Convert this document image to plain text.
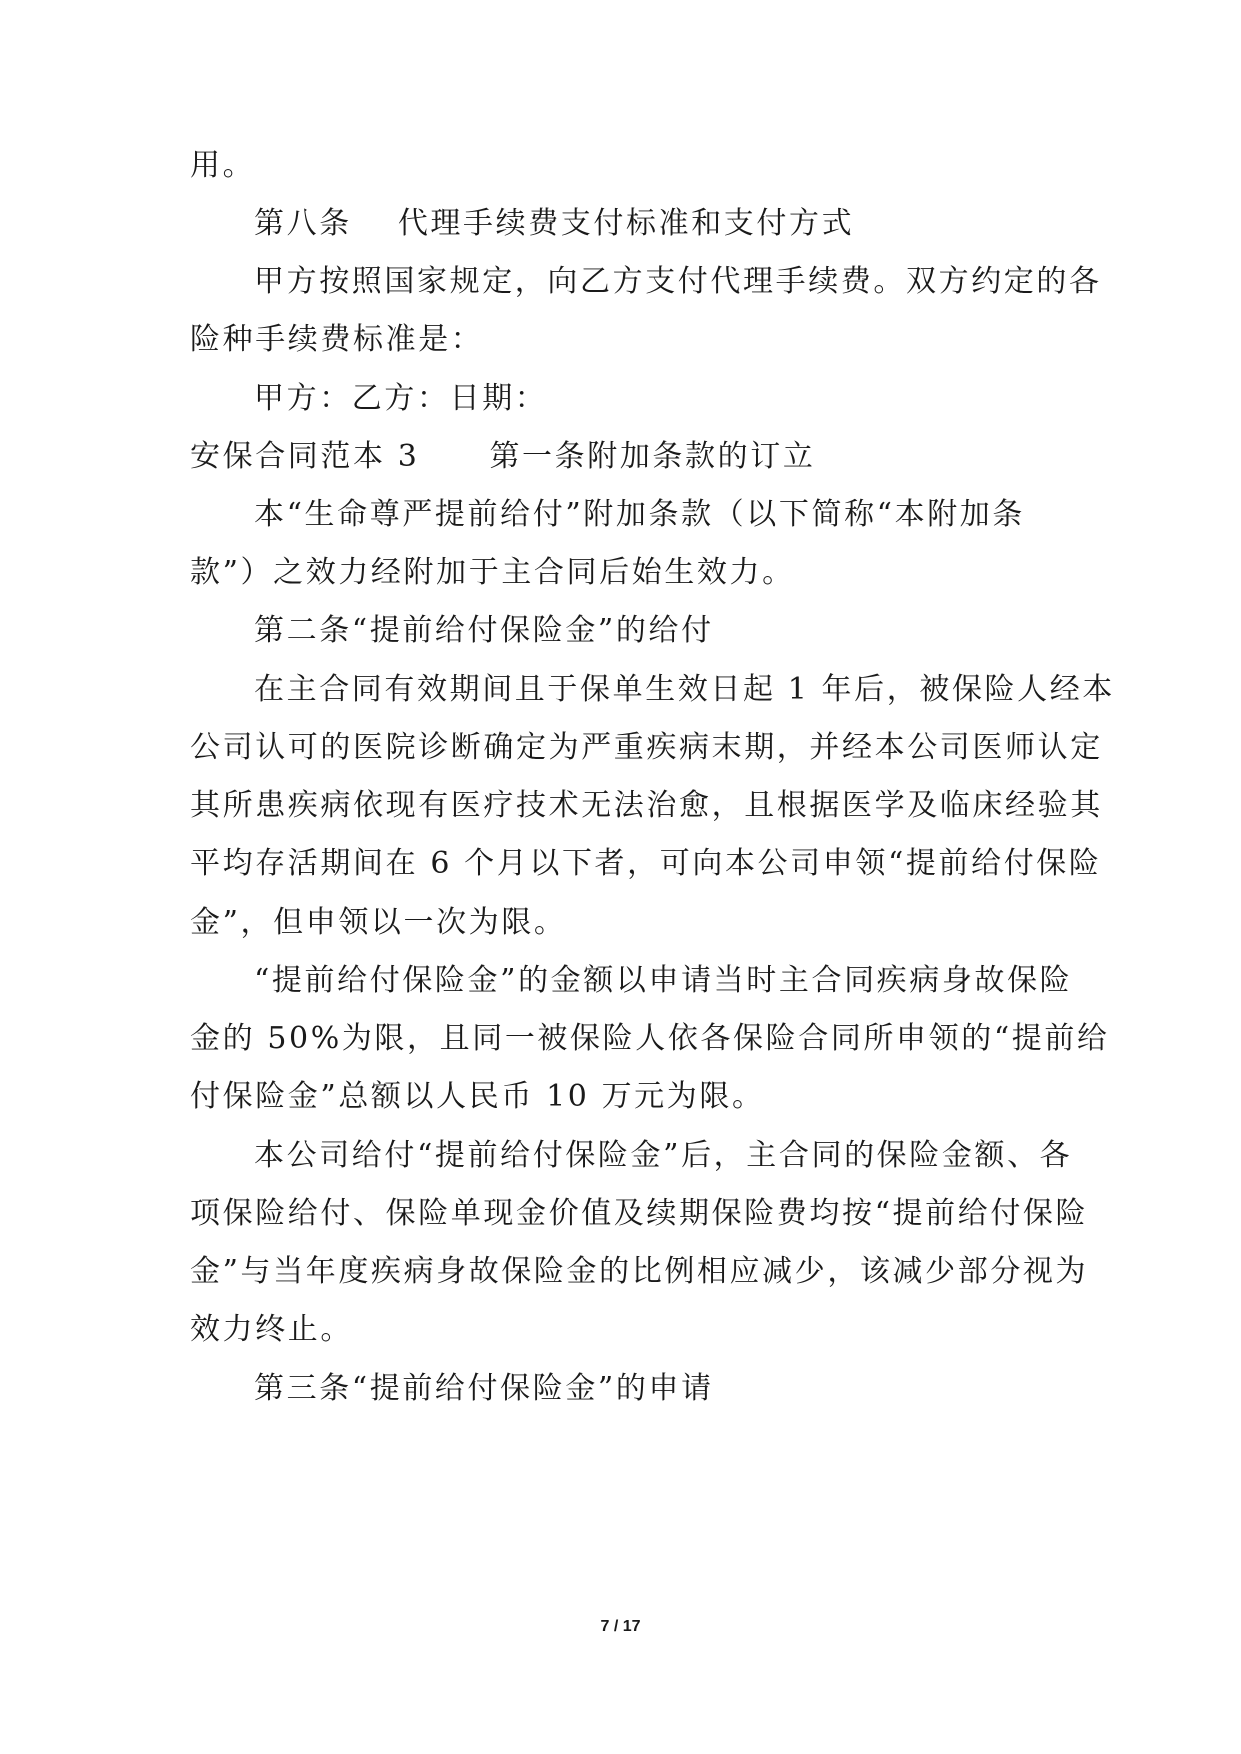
用。
第八条 代理手续费支付标准和支付方式
甲方按照国家规定，向乙方支付代理手续费。双方约定的各
险种手续费标准是：
甲方：乙方：日期：
安保合同范本 3 第一条附加条款的订立
本“生命尊严提前给付”附加条款（以下简称“本附加条
款”）之效力经附加于主合同后始生效力。
第二条“提前给付保险金”的给付
在主合同有效期间且于保单生效日起 1 年后，被保险人经本
公司认可的医院诊断确定为严重疾病末期，并经本公司医师认定
其所患疾病依现有医疗技术无法治愈，且根据医学及临床经验其
平均存活期间在 6 个月以下者，可向本公司申领“提前给付保险
金”，但申领以一次为限。
“提前给付保险金”的金额以申请当时主合同疾病身故保险
金的 50%为限，且同一被保险人依各保险合同所申领的“提前给
付保险金”总额以人民币 10 万元为限。
本公司给付“提前给付保险金”后，主合同的保险金额、各
项保险给付、保险单现金价值及续期保险费均按“提前给付保险
金”与当年度疾病身故保险金的比例相应减少，该减少部分视为
效力终止。
第三条“提前给付保险金”的申请
7 / 17
